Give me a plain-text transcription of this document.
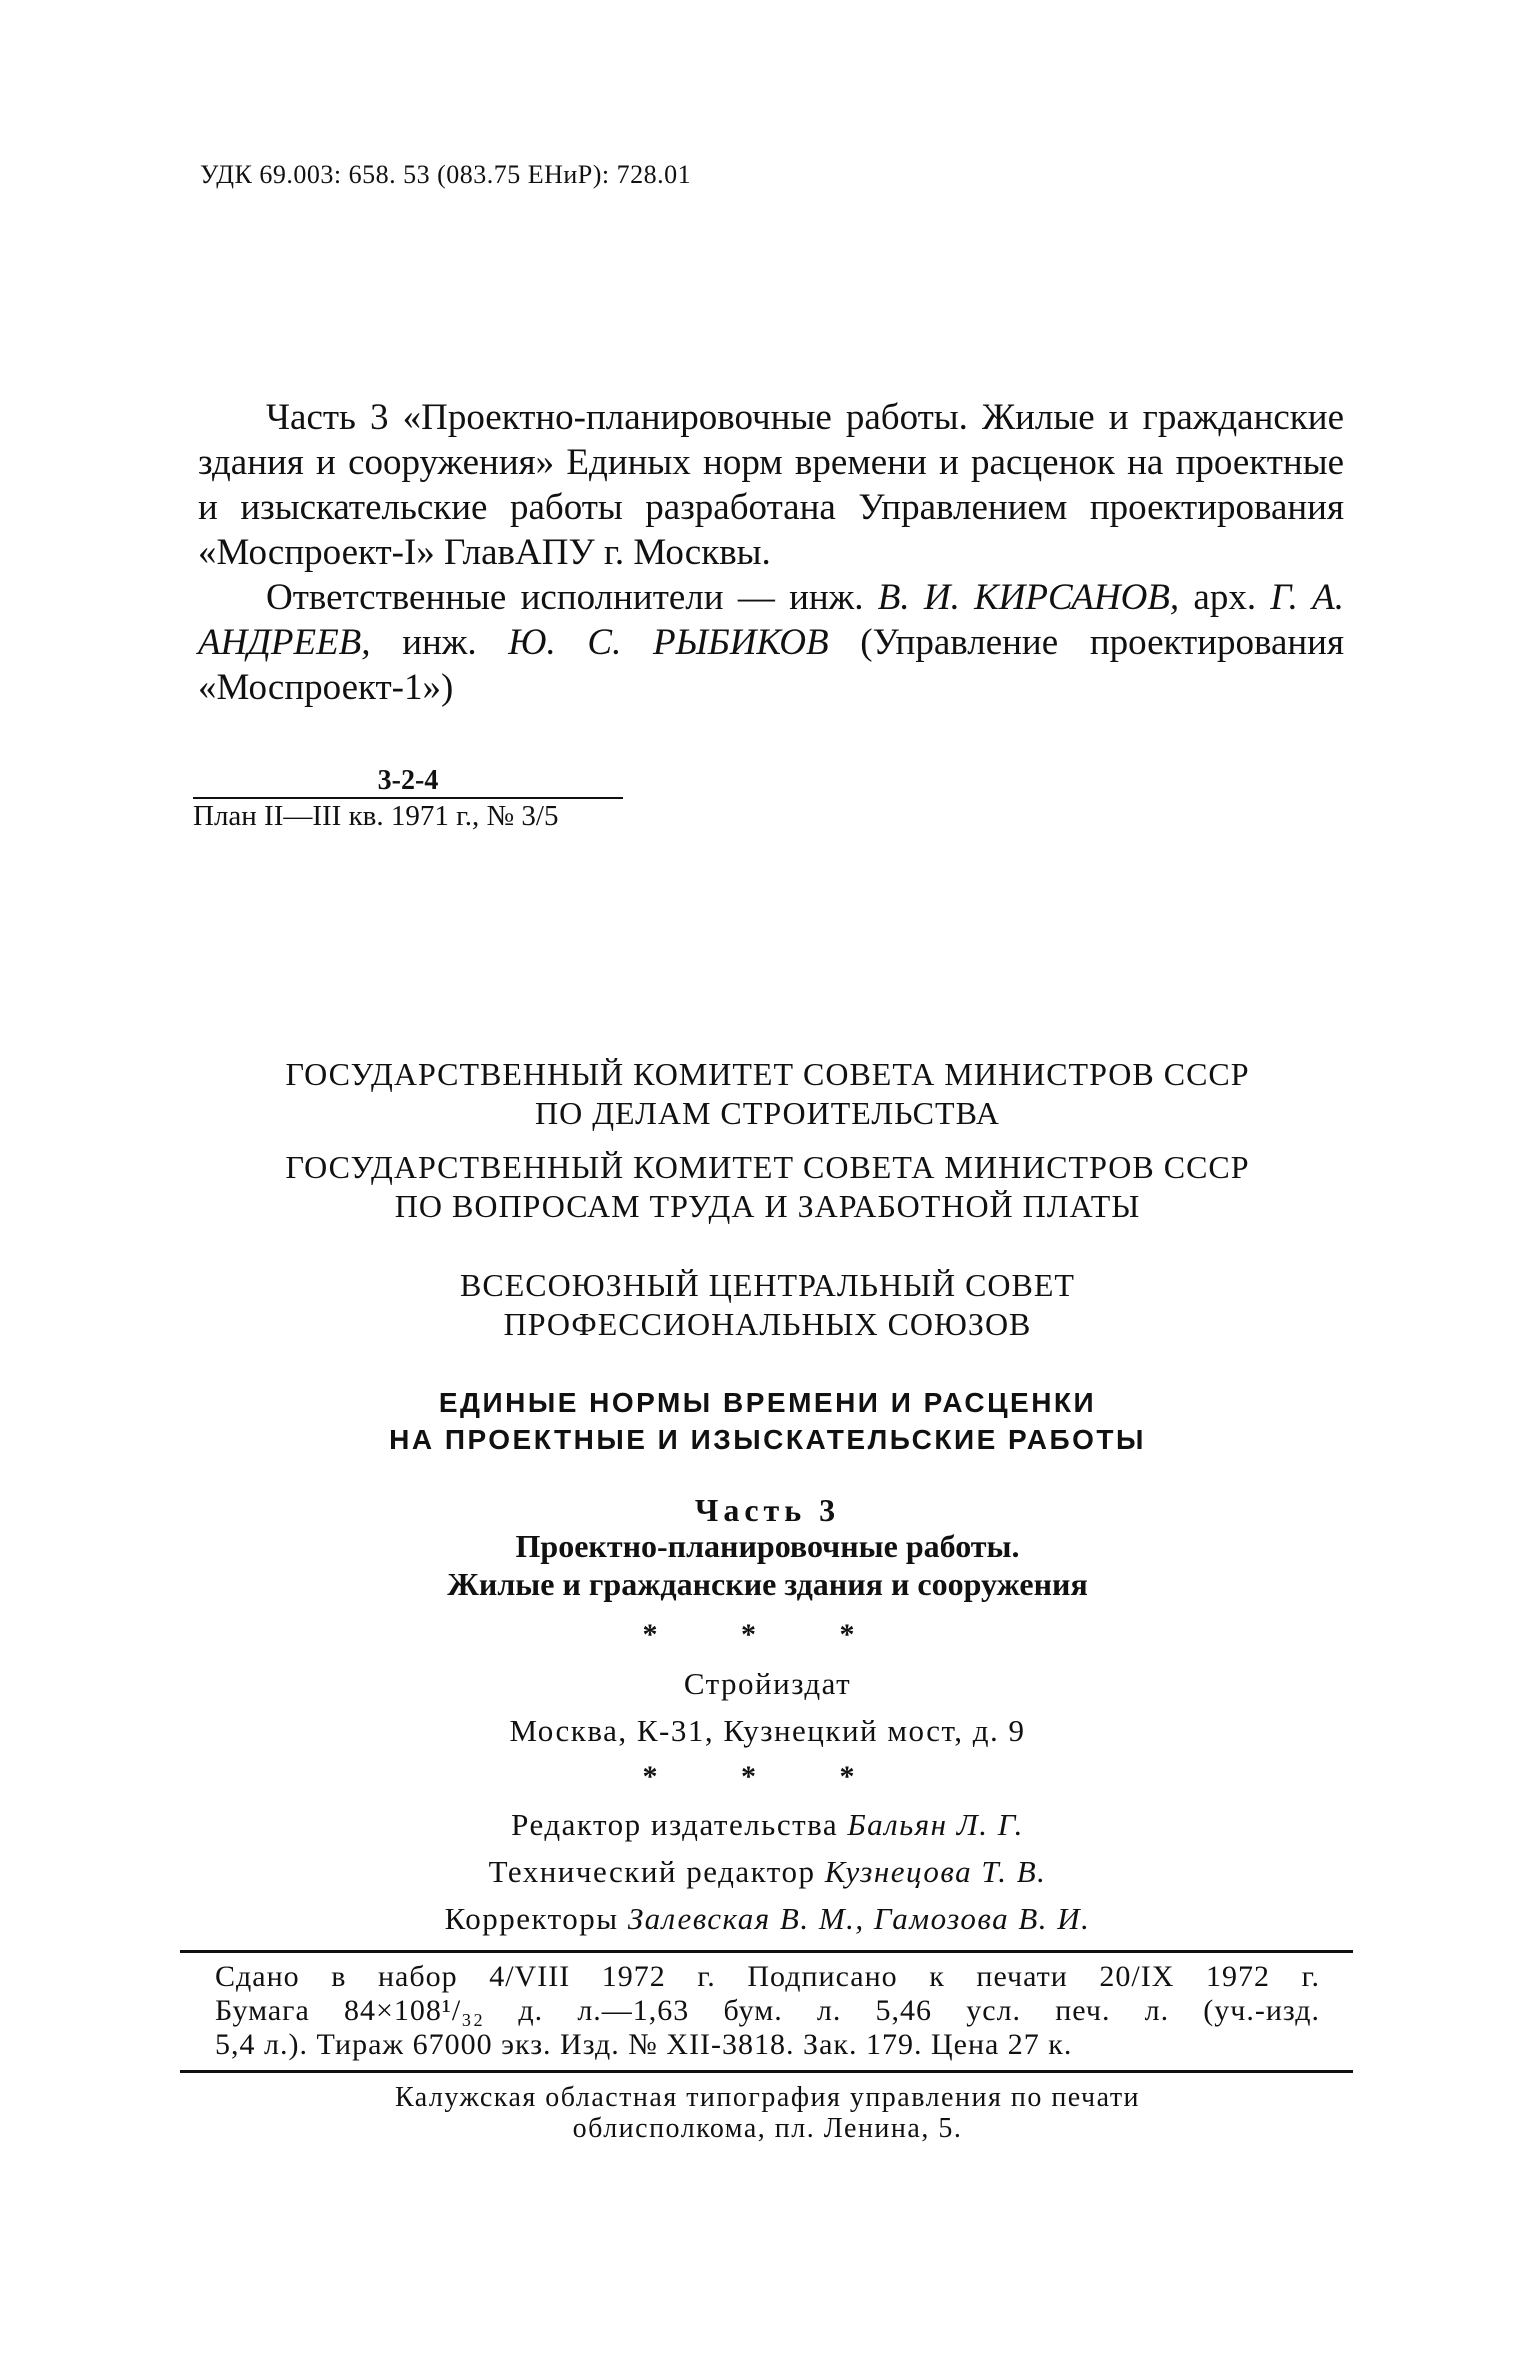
УДК 69.003: 658. 53 (083.75 ЕНиР): 728.01

Часть 3 «Проектно-планировочные работы. Жилые и гражданские здания и сооружения» Единых норм времени и расценок на проектные и изыскательские работы разработана Управлением проектирования «Моспроект-I» ГлавАПУ г. Москвы.

Ответственные исполнители — инж. В. И. КИРСАНОВ, арх. Г. А. АНДРЕЕВ, инж. Ю. С. РЫБИКОВ (Управление проектирования «Моспроект-1»)

3-2-4
План II—III кв. 1971 г., № 3/5
ГОСУДАРСТВЕННЫЙ КОМИТЕТ СОВЕТА МИНИСТРОВ СССР
ПО ДЕЛАМ СТРОИТЕЛЬСТВА
ГОСУДАРСТВЕННЫЙ КОМИТЕТ СОВЕТА МИНИСТРОВ СССР
ПО ВОПРОСАМ ТРУДА И ЗАРАБОТНОЙ ПЛАТЫ
ВСЕСОЮЗНЫЙ ЦЕНТРАЛЬНЫЙ СОВЕТ
ПРОФЕССИОНАЛЬНЫХ СОЮЗОВ
ЕДИНЫЕ НОРМЫ ВРЕМЕНИ И РАСЦЕНКИ
НА ПРОЕКТНЫЕ И ИЗЫСКАТЕЛЬСКИЕ РАБОТЫ
Часть 3
Проектно-планировочные работы.
Жилые и гражданские здания и сооружения
* * *
Стройиздат
Москва, К-31, Кузнецкий мост, д. 9
* * *
Редактор издательства Бальян Л. Г.
Технический редактор Кузнецова Т. В.
Корректоры Залевская В. М., Гамозова В. И.
Сдано в набор 4/VIII 1972 г. Подписано к печати 20/IX 1972 г.
Бумага 84×108¹/₃₂ д. л.—1,63 бум. л. 5,46 усл. печ. л. (уч.-изд.
5,4 л.). Тираж 67000 экз. Изд. № XII-3818. Зак. 179. Цена 27 к.
Калужская областная типография управления по печати
облисполкома, пл. Ленина, 5.
